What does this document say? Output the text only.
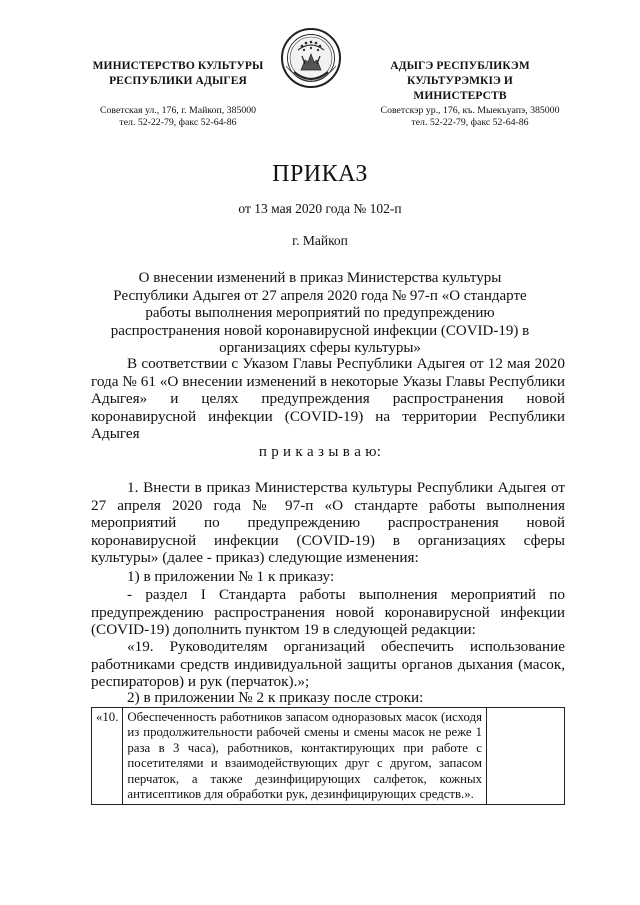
МИНИСТЕРСТВО КУЛЬТУРЫ
РЕСПУБЛИКИ АДЫГЕЯ
Советская ул., 176, г. Майкоп, 385000
тел. 52-22-79, факс 52-64-86
АДЫГЭ РЕСПУБЛИКЭМ
КУЛЬТУРЭМКIЭ И МИНИСТЕРСТВ
Советскэр ур., 176, къ. Мыекъуапэ, 385000
тел. 52-22-79, факс 52-64-86
ПРИКАЗ
от 13 мая 2020 года № 102-п
г. Майкоп
О внесении изменений в приказ Министерства культуры Республики Адыгея от 27 апреля 2020 года № 97-п «О стандарте работы выполнения мероприятий по предупреждению распространения новой коронавирусной инфекции (COVID-19) в организациях сферы культуры»
В соответствии с Указом Главы Республики Адыгея от 12 мая 2020 года № 61 «О внесении изменений в некоторые Указы Главы Республики Адыгея» и целях предупреждения распространения новой коронавирусной инфекции (COVID-19) на территории Республики Адыгея
п р и к а з ы в а ю:
1. Внести в приказ Министерства культуры Республики Адыгея от 27 апреля 2020 года № 97-п «О стандарте работы выполнения мероприятий по предупреждению распространения новой коронавирусной инфекции (COVID-19) в организациях сферы культуры» (далее - приказ) следующие изменения:
1) в приложении № 1 к приказу:
- раздел I Стандарта работы выполнения мероприятий по предупреждению распространения новой коронавирусной инфекции (COVID-19) дополнить пунктом 19 в следующей редакции:
«19. Руководителям организаций обеспечить использование работниками средств индивидуальной защиты органов дыхания (масок, респираторов) и рук (перчаток).»;
2) в приложении № 2 к приказу после строки:
«10.	Обеспеченность работников запасом одноразовых масок (исходя из продолжительности рабочей смены и смены масок не реже 1 раза в 3 часа), работников, контактирующих при работе с посетителями и взаимодействующих друг с другом, запасом перчаток, а также дезинфицирующих салфеток, кожных антисептиков для обработки рук, дезинфицирующих средств.».	
